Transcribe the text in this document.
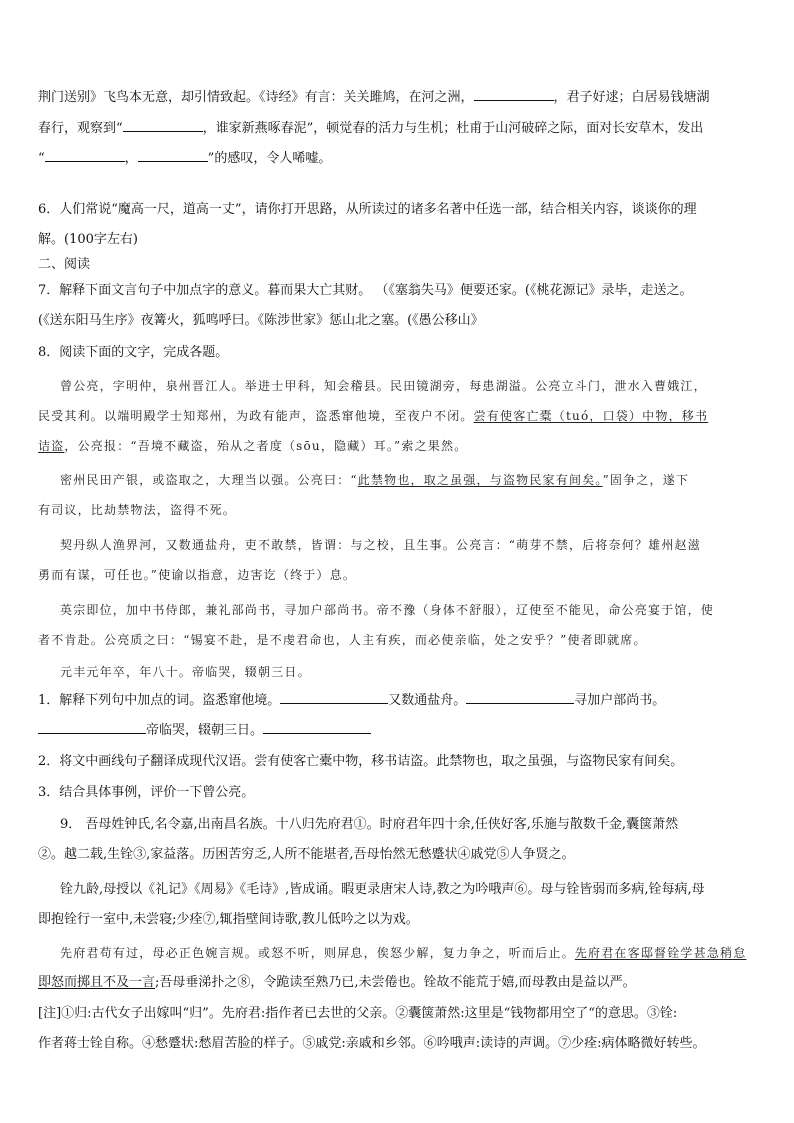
荆门送别》飞鸟本无意，却引情致起。《诗经》有言：关关雎鸠，在河之洲，	，君子好逑；白居易钱塘湖
春行，观察到“	，谁家新燕啄春泥”，顿觉春的活力与生机；杜甫于山河破碎之际，面对长安草木，发出
“	，	”的感叹，令人唏嘘。
6．人们常说“魔高一尺，道高一丈”，请你打开思路，从所读过的诸多名著中任选一部，结合相关内容，谈谈你的理
解。(100字左右)
二、阅读
7．解释下面文言句子中加点字的意义。暮而果大亡其财。 （《塞翁失马》便要还家。(《桃花源记》录毕，走送之。
(《送东阳马生序》夜篝火，狐鸣呼曰。《陈涉世家》惩山北之塞。(《愚公移山》
8．阅读下面的文字，完成各题。
曾公亮，字明仲，泉州晋江人。举进士甲科，知会稽县。民田镜湖旁，每患湖溢。公亮立斗门，泄水入曹娥江，
民受其利。以端明殿学士知郑州，为政有能声，盗悉窜他境，至夜户不闭。尝有使客亡橐（tuó，口袋）中物，移书
诘盗，公亮报：“吾境不藏盗，殆从之者度（sōu，隐藏）耳。”索之果然。
密州民田产银，或盗取之，大理当以强。公亮曰：“此禁物也，取之虽强，与盗物民家有间矣。”固争之，遂下
有司议，比劫禁物法，盗得不死。
契丹纵人渔界河，又数通盐舟，吏不敢禁，皆谓：与之校，且生事。公亮言：“萌芽不禁，后将奈何？雄州赵滋
勇而有谋，可任也。”使谕以指意，边害讫（终于）息。
英宗即位，加中书侍郎，兼礼部尚书，寻加户部尚书。帝不豫（身体不舒服），辽使至不能见，命公亮宴于馆，使
者不肯赴。公亮质之曰：“锡宴不赴，是不虔君命也，人主有疾，而必使亲临，处之安乎？”使者即就席。
元丰元年卒，年八十。帝临哭，辍朝三日。
1．解释下列句中加点的词。盗悉窜他境。	又数通盐舟。	寻加户部尚书。
帝临哭，辍朝三日。
2．将文中画线句子翻译成现代汉语。尝有使客亡橐中物，移书诘盗。此禁物也，取之虽强，与盗物民家有间矣。
3．结合具体事例，评价一下曾公亮。
9． 吾母姓钟氏,名令嘉,出南昌名族。十八归先府君①。时府君年四十余,任侠好客,乐施与散数千金,囊箧萧然
②。越二载,生铨③,家益落。历困苦穷乏,人所不能堪者,吾母怡然无愁蹙状④戚党⑤人争贤之。
铨九龄,母授以《礼记》《周易》《毛诗》,皆成诵。暇更录唐宋人诗,教之为吟哦声⑥。母与铨皆弱而多病,铨每病,母
即抱铨行一室中,未尝寝;少痊⑦,辄指壁间诗歌,教儿低吟之以为戏。
先府君苟有过，母必正色婉言规。或怒不听，则屏息，俟怒少解，复力争之，听而后止。先府君在客邸督铨学甚急稍怠
即怒而掷且不及一言;吾母垂涕扑之⑧，令跪读至熟乃已,未尝倦也。铨故不能荒于嬉,而母教由是益以严。
[注]①归:古代女子出嫁叫“归”。先府君:指作者已去世的父亲。②囊箧萧然:这里是“钱物都用空了“的意思。③铨:
作者蒋士铨自称。④愁蹙状:愁眉苦脸的样子。⑤戚党:亲戚和乡邻。⑥吟哦声:读诗的声调。⑦少痊:病体略微好转些。
